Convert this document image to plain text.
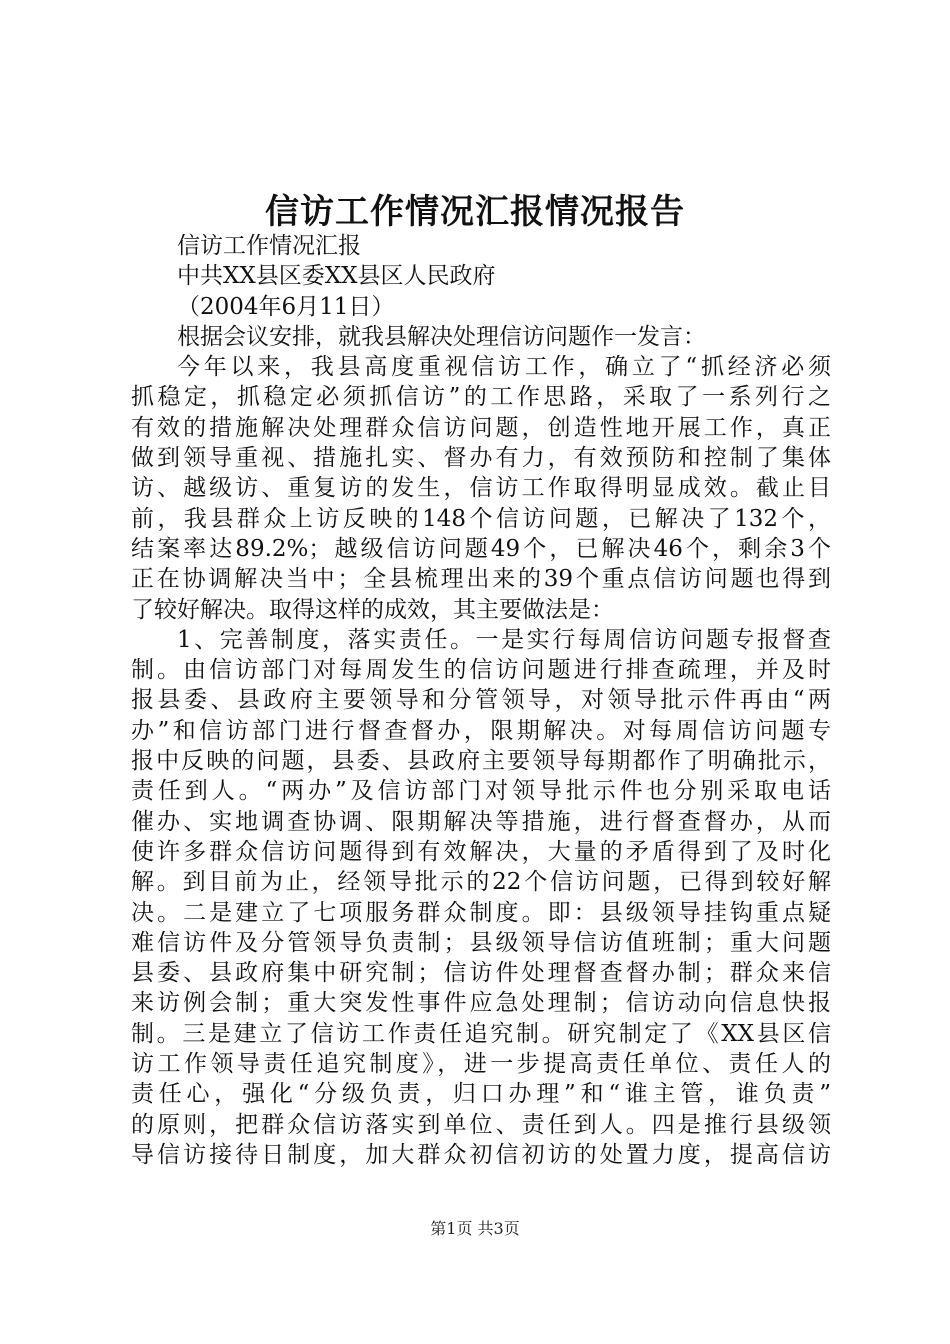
信访工作情况汇报情况报告
信访工作情况汇报
中共XX县区委XX县区人民政府
（2004年6月11日）
根据会议安排，就我县解决处理信访问题作一发言：
今年以来，我县高度重视信访工作，确立了“抓经济必须
抓稳定，抓稳定必须抓信访”的工作思路，采取了一系列行之
有效的措施解决处理群众信访问题，创造性地开展工作，真正
做到领导重视、措施扎实、督办有力，有效预防和控制了集体
访、越级访、重复访的发生，信访工作取得明显成效。截止目
前，我县群众上访反映的148个信访问题，已解决了132个，
结案率达89.2%；越级信访问题49个，已解决46个，剩余3个
正在协调解决当中；全县梳理出来的39个重点信访问题也得到
了较好解决。取得这样的成效，其主要做法是：
1、完善制度，落实责任。一是实行每周信访问题专报督查
制。由信访部门对每周发生的信访问题进行排查疏理，并及时
报县委、县政府主要领导和分管领导，对领导批示件再由“两
办”和信访部门进行督查督办，限期解决。对每周信访问题专
报中反映的问题，县委、县政府主要领导每期都作了明确批示，
责任到人。“两办”及信访部门对领导批示件也分别采取电话
催办、实地调查协调、限期解决等措施，进行督查督办，从而
使许多群众信访问题得到有效解决，大量的矛盾得到了及时化
解。到目前为止，经领导批示的22个信访问题，已得到较好解
决。二是建立了七项服务群众制度。即：县级领导挂钩重点疑
难信访件及分管领导负责制；县级领导信访值班制；重大问题
县委、县政府集中研究制；信访件处理督查督办制；群众来信
来访例会制；重大突发性事件应急处理制；信访动向信息快报
制。三是建立了信访工作责任追究制。研究制定了《XX县区信
访工作领导责任追究制度》，进一步提高责任单位、责任人的
责任心，强化“分级负责，归口办理”和“谁主管，谁负责”
的原则，把群众信访落实到单位、责任到人。四是推行县级领
导信访接待日制度，加大群众初信初访的处置力度，提高信访
第1页 共3页
